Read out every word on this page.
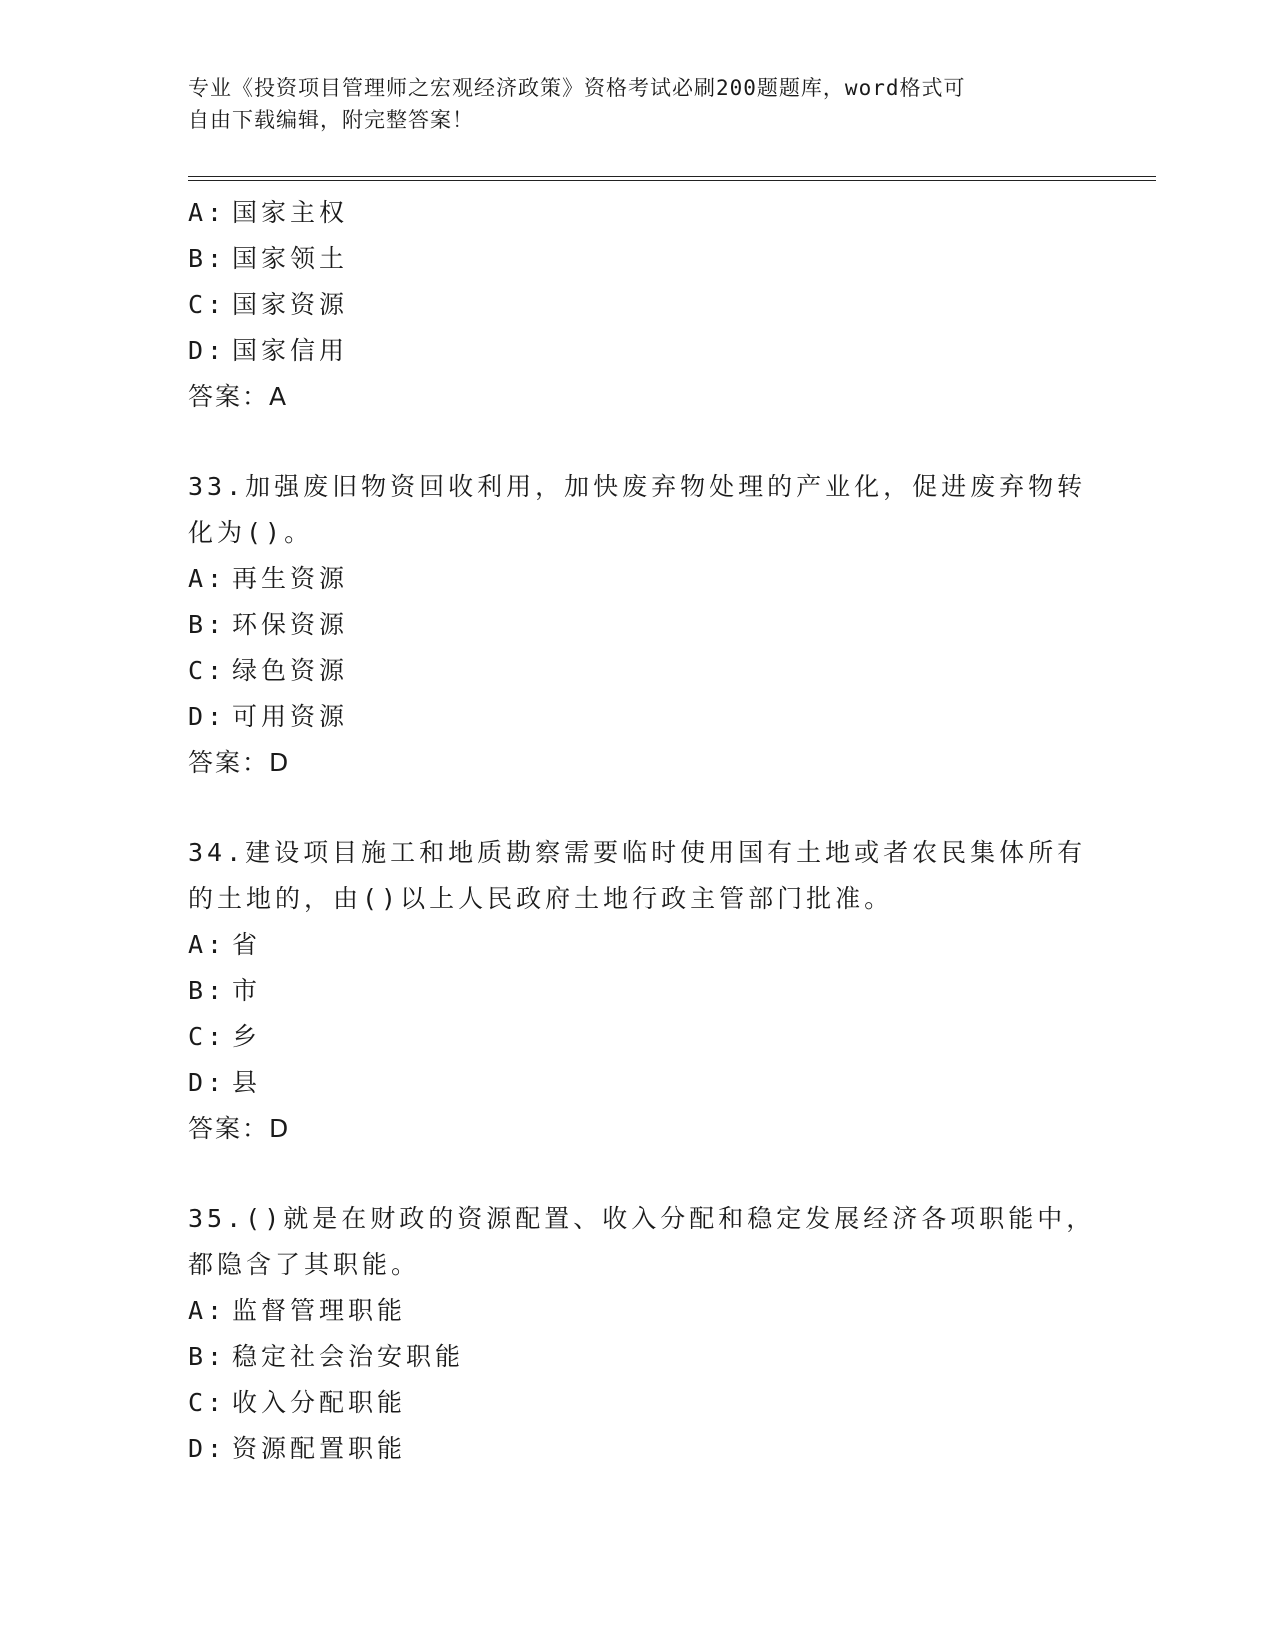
专业《投资项目管理师之宏观经济政策》资格考试必刷200题题库，word格式可
自由下载编辑，附完整答案！
A: 国家主权
B: 国家领土
C: 国家资源
D: 国家信用
答案：A
33.加强废旧物资回收利用，加快废弃物处理的产业化，促进废弃物转
化为()。
A: 再生资源
B: 环保资源
C: 绿色资源
D: 可用资源
答案：D
34.建设项目施工和地质勘察需要临时使用国有土地或者农民集体所有
的土地的，由()以上人民政府土地行政主管部门批准。
A: 省
B: 市
C: 乡
D: 县
答案：D
35.()就是在财政的资源配置、收入分配和稳定发展经济各项职能中，
都隐含了其职能。
A: 监督管理职能
B: 稳定社会治安职能
C: 收入分配职能
D: 资源配置职能
